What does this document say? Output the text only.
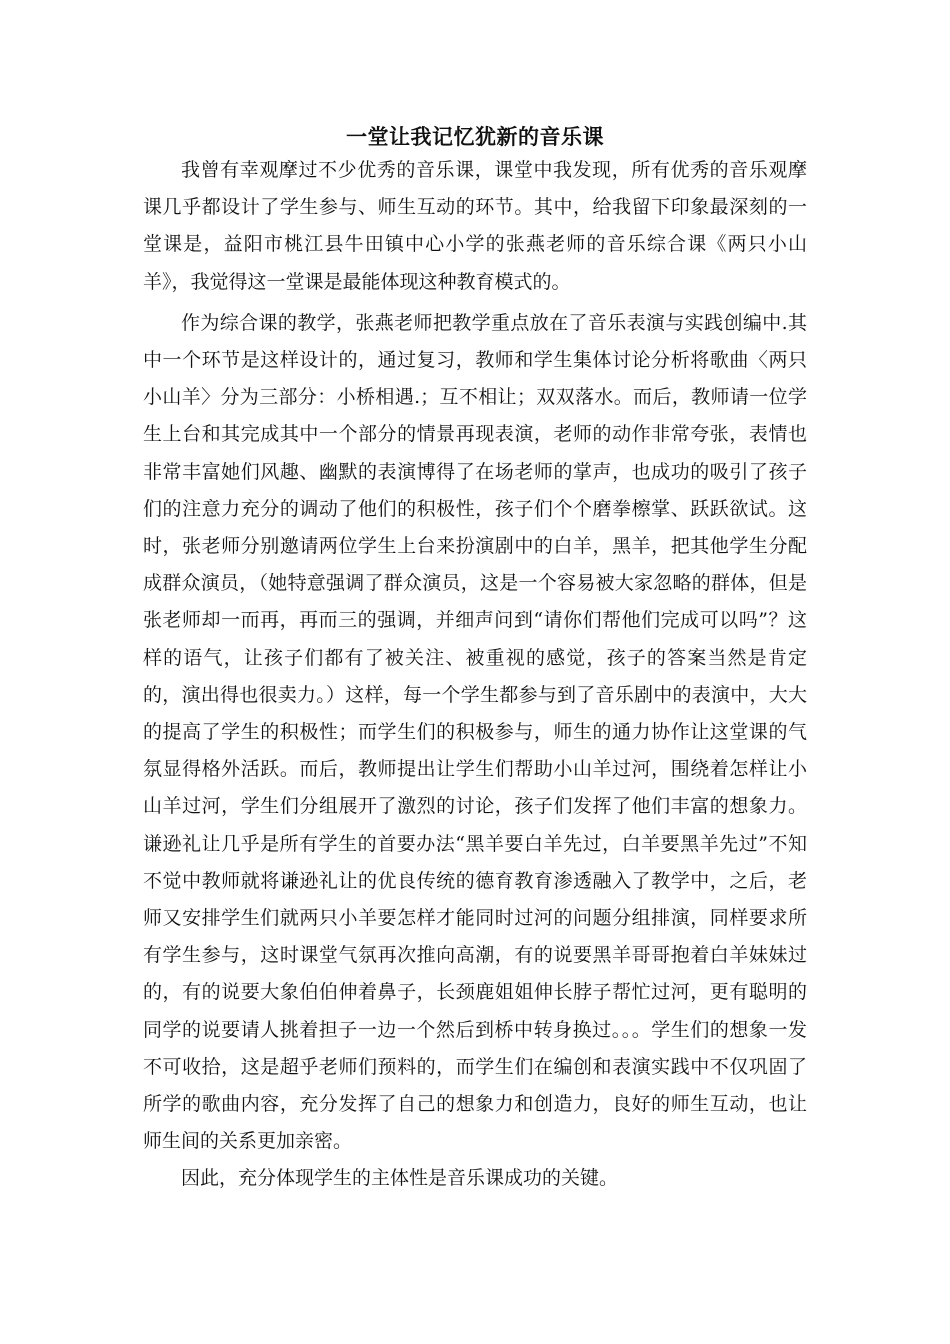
一堂让我记忆犹新的音乐课

我曾有幸观摩过不少优秀的音乐课，课堂中我发现，所有优秀的音乐观摩课几乎都设计了学生参与、师生互动的环节。其中，给我留下印象最深刻的一堂课是，益阳市桃江县牛田镇中心小学的张燕老师的音乐综合课《两只小山羊》，我觉得这一堂课是最能体现这种教育模式的。

作为综合课的教学，张燕老师把教学重点放在了音乐表演与实践创编中.其中一个环节是这样设计的，通过复习，教师和学生集体讨论分析将歌曲〈两只小山羊〉分为三部分：小桥相遇.；互不相让；双双落水。而后，教师请一位学生上台和其完成其中一个部分的情景再现表演，老师的动作非常夸张，表情也非常丰富她们风趣、幽默的表演博得了在场老师的掌声，也成功的吸引了孩子们的注意力充分的调动了他们的积极性，孩子们个个磨拳檫掌、跃跃欲试。这时，张老师分别邀请两位学生上台来扮演剧中的白羊，黑羊，把其他学生分配成群众演员，（她特意强调了群众演员，这是一个容易被大家忽略的群体，但是张老师却一而再，再而三的强调，并细声问到“请你们帮他们完成可以吗”？这样的语气，让孩子们都有了被关注、被重视的感觉，孩子的答案当然是肯定的，演出得也很卖力。）这样，每一个学生都参与到了音乐剧中的表演中，大大的提高了学生的积极性；而学生们的积极参与，师生的通力协作让这堂课的气氛显得格外活跃。而后，教师提出让学生们帮助小山羊过河，围绕着怎样让小山羊过河，学生们分组展开了激烈的讨论，孩子们发挥了他们丰富的想象力。谦逊礼让几乎是所有学生的首要办法“黑羊要白羊先过，白羊要黑羊先过”不知不觉中教师就将谦逊礼让的优良传统的德育教育渗透融入了教学中，之后，老师又安排学生们就两只小羊要怎样才能同时过河的问题分组排演，同样要求所有学生参与，这时课堂气氛再次推向高潮，有的说要黑羊哥哥抱着白羊妹妹过的，有的说要大象伯伯伸着鼻子，长颈鹿姐姐伸长脖子帮忙过河，更有聪明的同学的说要请人挑着担子一边一个然后到桥中转身换过。。。学生们的想象一发不可收拾，这是超乎老师们预料的，而学生们在编创和表演实践中不仅巩固了所学的歌曲内容，充分发挥了自己的想象力和创造力，良好的师生互动，也让师生间的关系更加亲密。

因此，充分体现学生的主体性是音乐课成功的关键。
